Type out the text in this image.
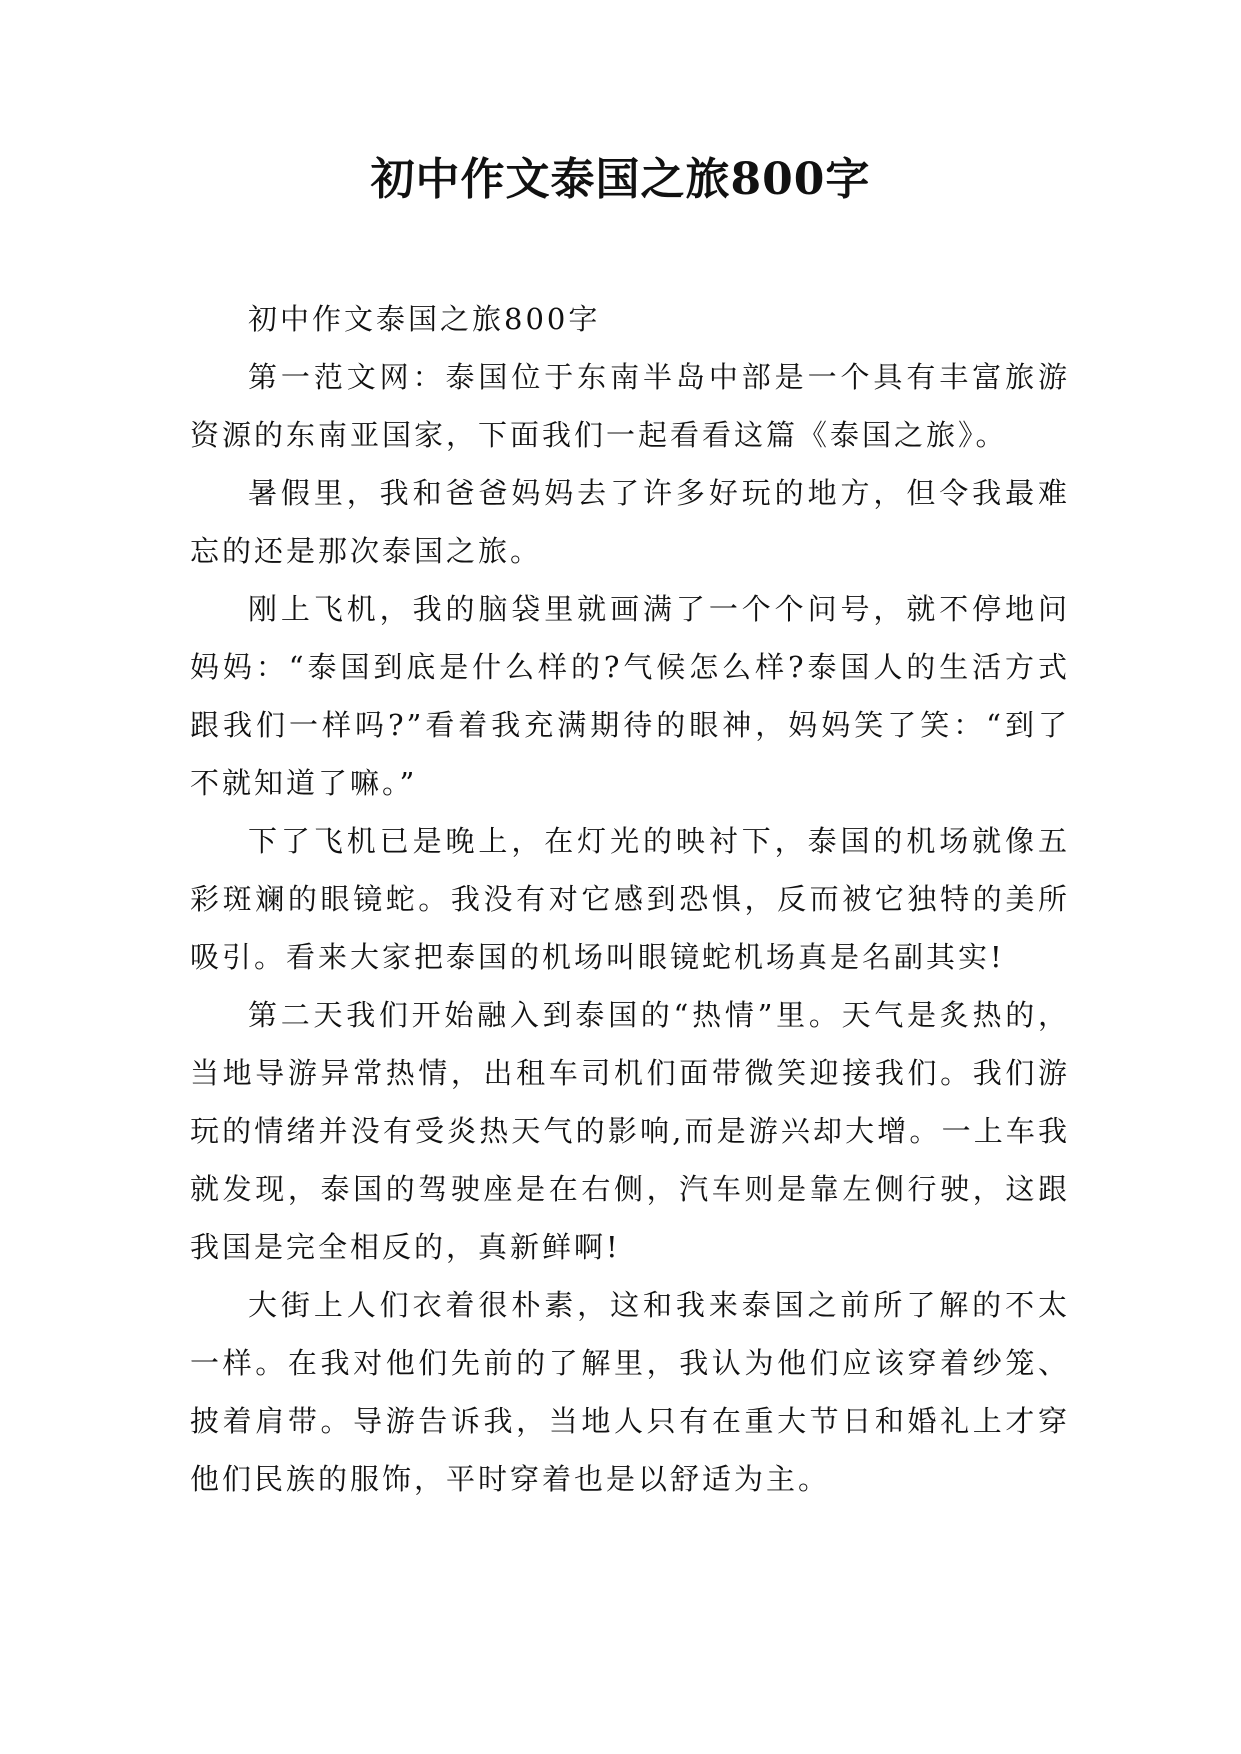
初中作文泰国之旅800字

初中作文泰国之旅800字

第一范文网：泰国位于东南半岛中部是一个具有丰富旅游资源的东南亚国家，下面我们一起看看这篇《泰国之旅》。

暑假里，我和爸爸妈妈去了许多好玩的地方，但令我最难忘的还是那次泰国之旅。

刚上飞机，我的脑袋里就画满了一个个问号，就不停地问妈妈：“泰国到底是什么样的?气候怎么样?泰国人的生活方式跟我们一样吗?”看着我充满期待的眼神，妈妈笑了笑：“到了不就知道了嘛。”

下了飞机已是晚上，在灯光的映衬下，泰国的机场就像五彩斑斓的眼镜蛇。我没有对它感到恐惧，反而被它独特的美所吸引。看来大家把泰国的机场叫眼镜蛇机场真是名副其实!

第二天我们开始融入到泰国的“热情”里。天气是炙热的，当地导游异常热情，出租车司机们面带微笑迎接我们。我们游玩的情绪并没有受炎热天气的影响,而是游兴却大增。一上车我就发现，泰国的驾驶座是在右侧，汽车则是靠左侧行驶，这跟我国是完全相反的，真新鲜啊!

大街上人们衣着很朴素，这和我来泰国之前所了解的不太一样。在我对他们先前的了解里，我认为他们应该穿着纱笼、披着肩带。导游告诉我，当地人只有在重大节日和婚礼上才穿他们民族的服饰，平时穿着也是以舒适为主。
